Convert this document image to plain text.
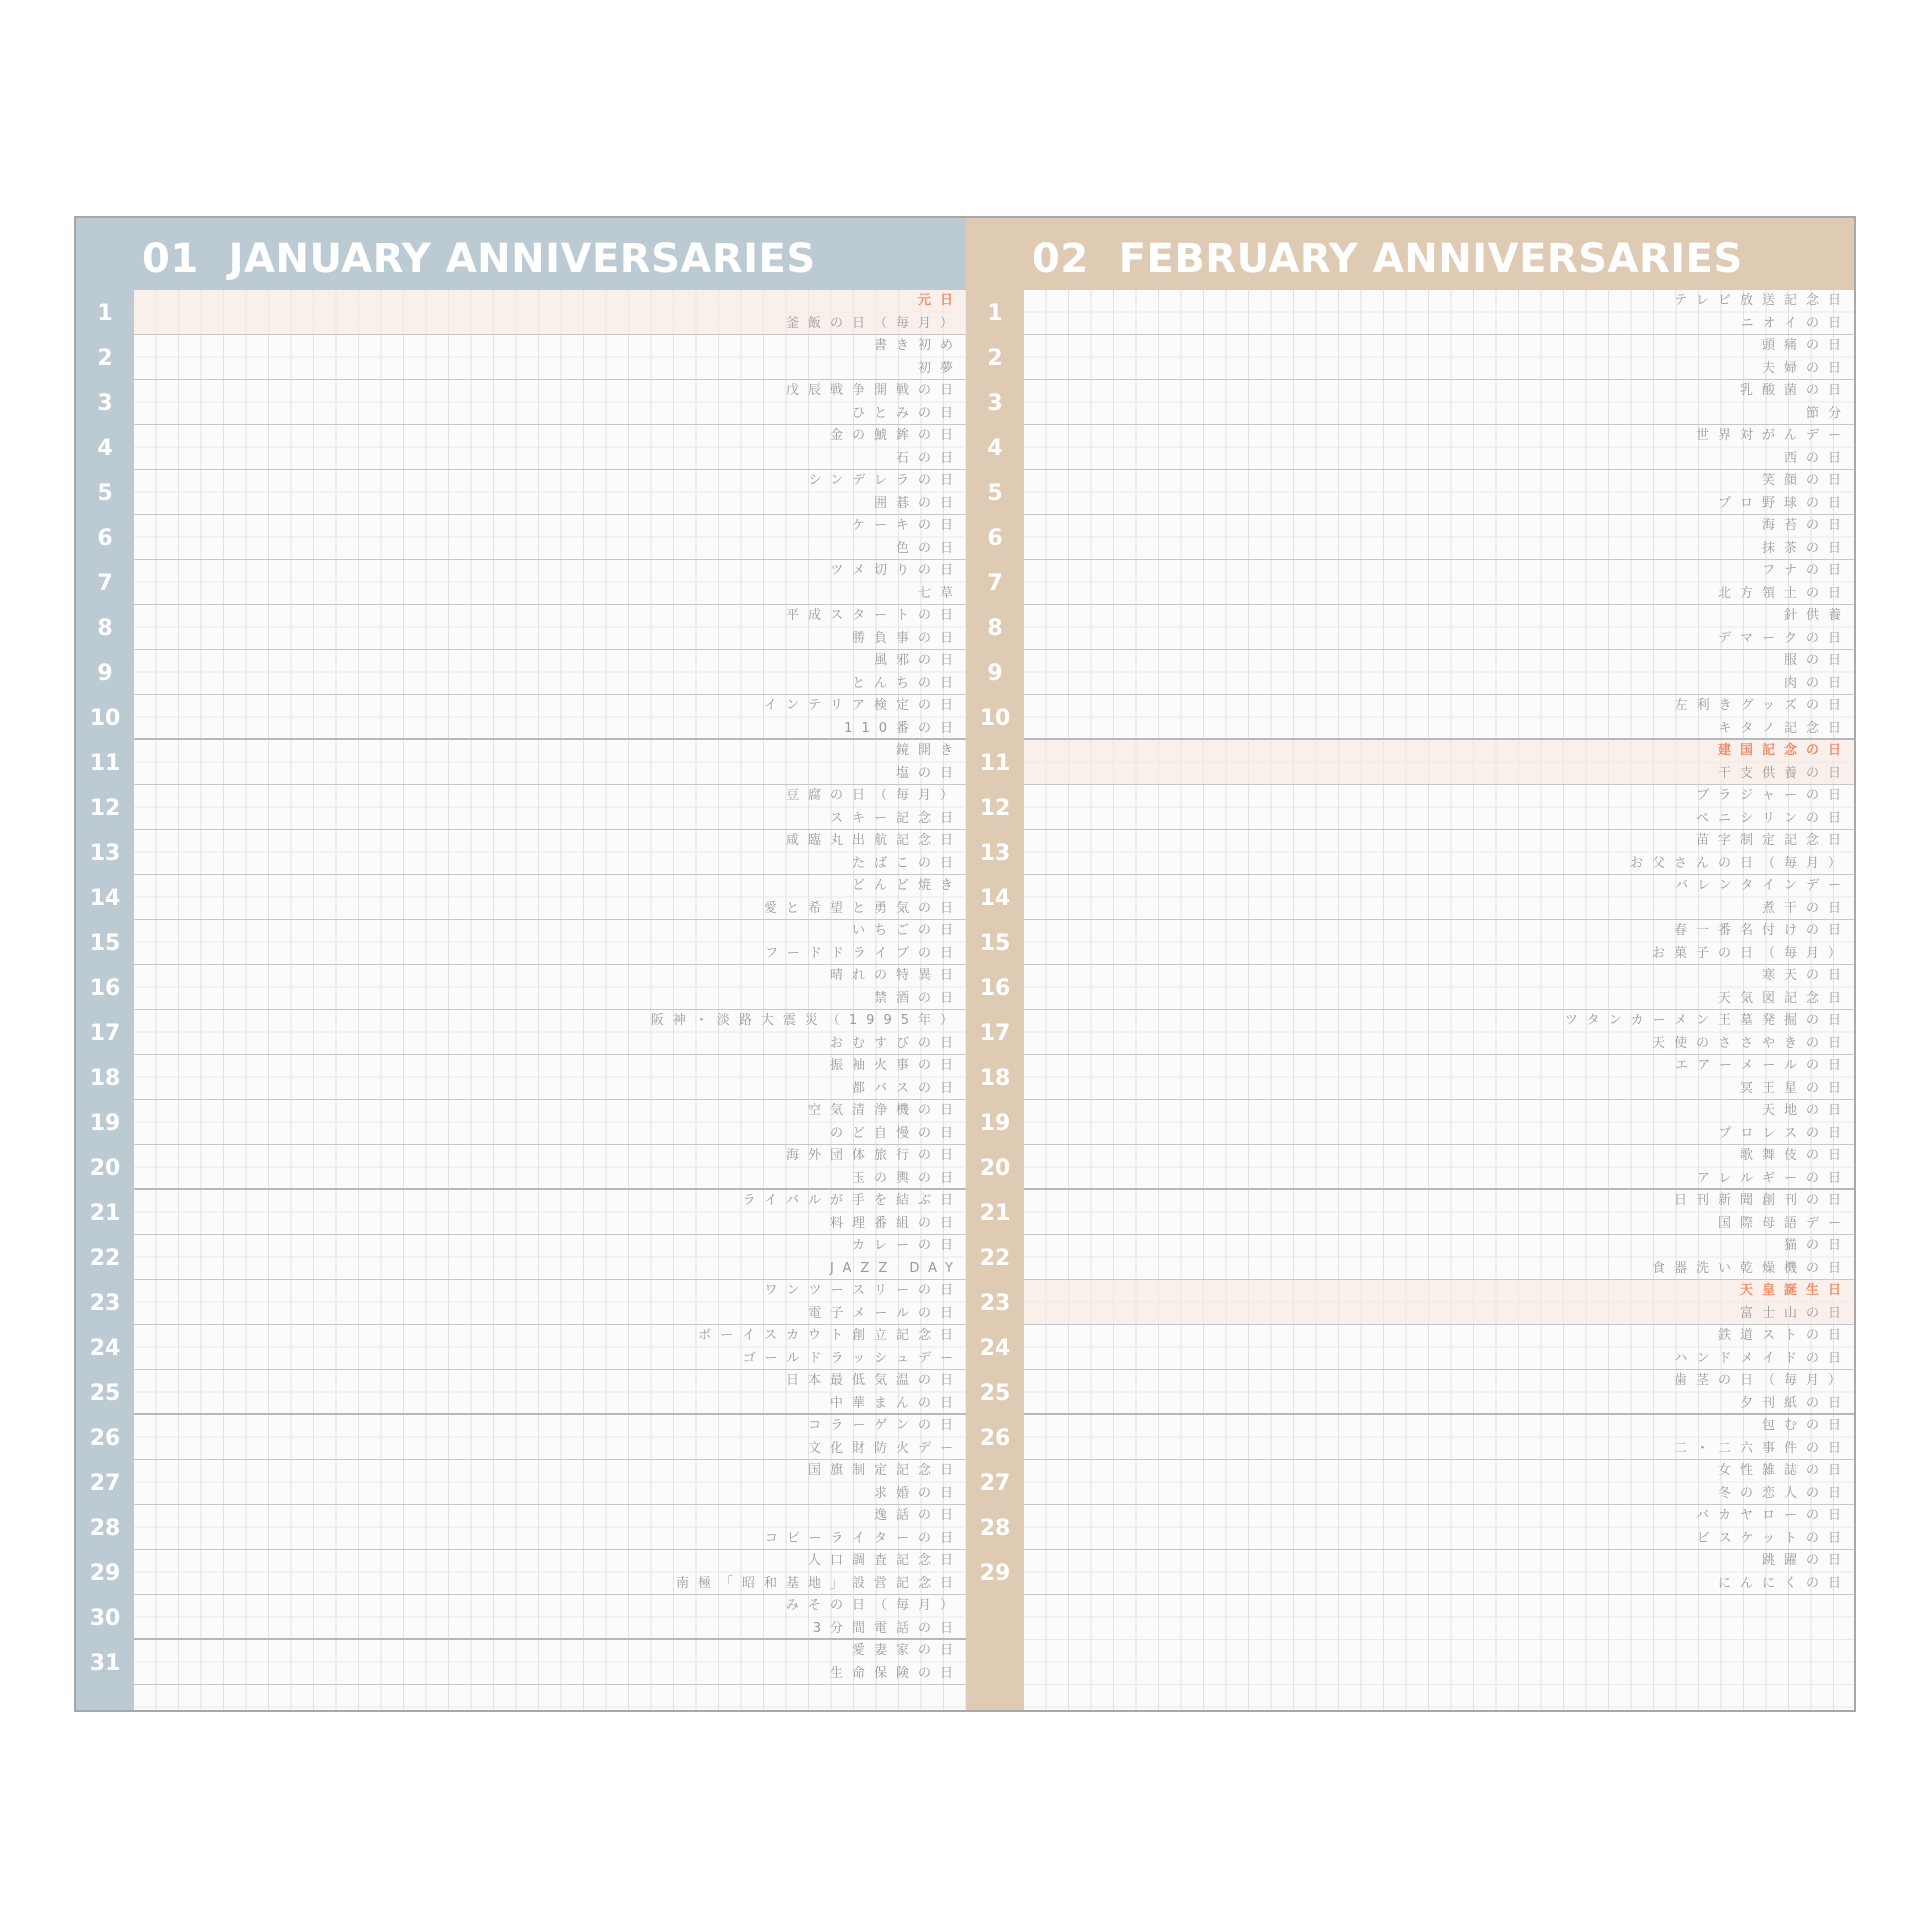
01 JANUARY ANNIVERSARIES
1
元日
釜飯の日（毎月）
2
書き初め
初夢
3
戊辰戦争開戦の日
ひとみの日
4
金の鯱鉾の日
石の日
5
シンデレラの日
囲碁の日
6
ケーキの日
色の日
7
ツメ切りの日
七草
8
平成スタートの日
勝負事の日
9
風邪の日
とんちの日
10
インテリア検定の日
110番の日
11
鏡開き
塩の日
12
豆腐の日（毎月）
スキー記念日
13
咸臨丸出航記念日
たばこの日
14
どんど焼き
愛と希望と勇気の日
15
いちごの日
フードドライブの日
16
晴れの特異日
禁酒の日
17
阪神・淡路大震災（1995年）
おむすびの日
18
振袖火事の日
都バスの日
19
空気清浄機の日
のど自慢の日
20
海外団体旅行の日
玉の輿の日
21
ライバルが手を結ぶ日
料理番組の日
22
カレーの日
JAZZ DAY
23
ワンツースリーの日
電子メールの日
24
ボーイスカウト創立記念日
ゴールドラッシュデー
25
日本最低気温の日
中華まんの日
26
コラーゲンの日
文化財防火デー
27
国旗制定記念日
求婚の日
28
逸話の日
コピーライターの日
29
人口調査記念日
南極「昭和基地」設営記念日
30
みその日（毎月）
3分間電話の日
31
愛妻家の日
生命保険の日
02 FEBRUARY ANNIVERSARIES
1
テレビ放送記念日
ニオイの日
2
頭痛の日
夫婦の日
3
乳酸菌の日
節分
4
世界対がんデー
西の日
5
笑顔の日
プロ野球の日
6
海苔の日
抹茶の日
7
フナの日
北方領土の日
8
針供養
デマークの日
9
服の日
肉の日
10
左利きグッズの日
キタノ記念日
11
建国記念の日
干支供養の日
12
ブラジャーの日
ペニシリンの日
13
苗字制定記念日
お父さんの日（毎月）
14
バレンタインデー
煮干の日
15
春一番名付けの日
お菓子の日（毎月）
16
寒天の日
天気図記念日
17
ツタンカーメン王墓発掘の日
天使のささやきの日
18
エアーメールの日
冥王星の日
19
天地の日
プロレスの日
20
歌舞伎の日
アレルギーの日
21
日刊新聞創刊の日
国際母語デー
22
猫の日
食器洗い乾燥機の日
23
天皇誕生日
富士山の日
24
鉄道ストの日
ハンドメイドの日
25
歯茎の日（毎月）
夕刊紙の日
26
包むの日
二・二六事件の日
27
女性雑誌の日
冬の恋人の日
28
バカヤローの日
ビスケットの日
29
跳躍の日
にんにくの日
